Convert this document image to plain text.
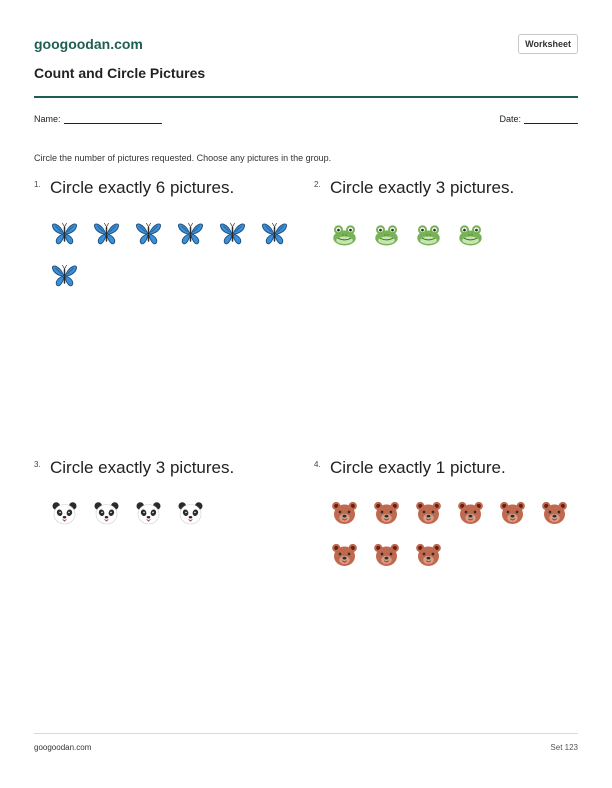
googoodan.com	Worksheet
Count and Circle Pictures
Name:	Date:
Circle the number of pictures requested. Choose any pictures in the group.
1. Circle exactly 6 pictures.	2. Circle exactly 3 pictures.
3. Circle exactly 3 pictures.	4. Circle exactly 1 picture.
googoodan.com	Set 123
